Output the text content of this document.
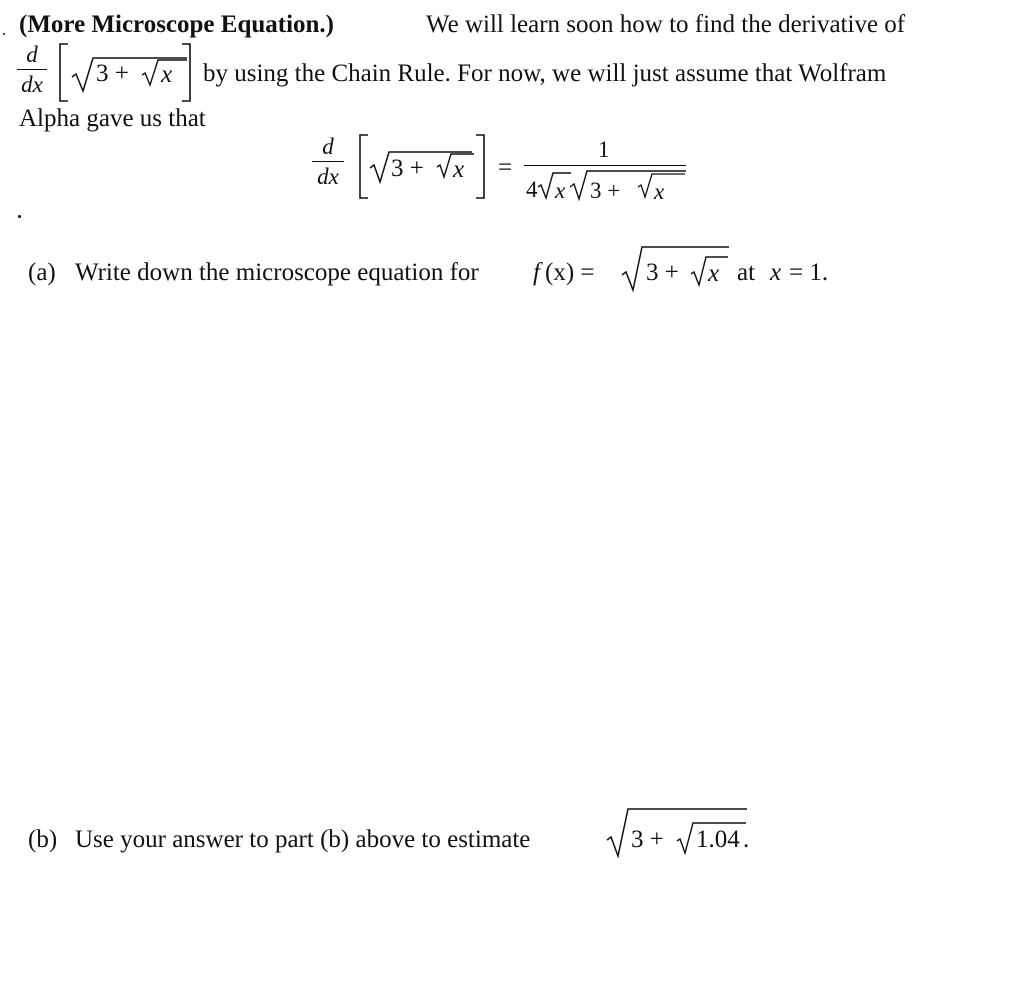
(More Microscope Equation.)	We will learn soon how to find the derivative of
d
dx 3 + x by using the Chain Rule. For now, we will just assume that Wolfram
Alpha gave us that
d
dx 3 + x =
1
4 x 3 + x
(a) Write down the microscope equation for f (x) = 3 + x at x = 1.
(b) Use your answer to part (b) above to estimate	3 + 1.04 .
